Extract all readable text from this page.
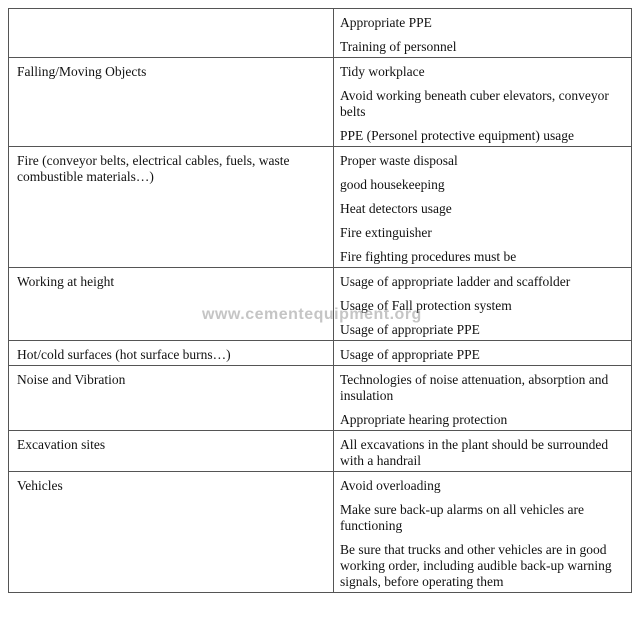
	Appropriate PPE
Training of personnel

Falling/Moving Objects	Tidy workplace
Avoid working beneath cuber elevators, conveyor belts
PPE (Personel protective equipment) usage

Fire (conveyor belts, electrical cables, fuels, waste combustible materials…)	Proper waste disposal
good housekeeping
Heat detectors usage
Fire extinguisher
Fire fighting procedures must be

Working at height	Usage of appropriate ladder and scaffolder
Usage of Fall protection system
Usage of appropriate PPE

Hot/cold surfaces (hot surface burns…)	Usage of appropriate PPE

Noise and Vibration	Technologies of noise attenuation, absorption and insulation
Appropriate hearing protection

Excavation sites	All excavations in the plant should be surrounded with a handrail

Vehicles	Avoid overloading
Make sure back-up alarms on all vehicles are functioning
Be sure that trucks and other vehicles are in good working order, including audible back-up warning signals, before operating them
www.cementequipment.org
